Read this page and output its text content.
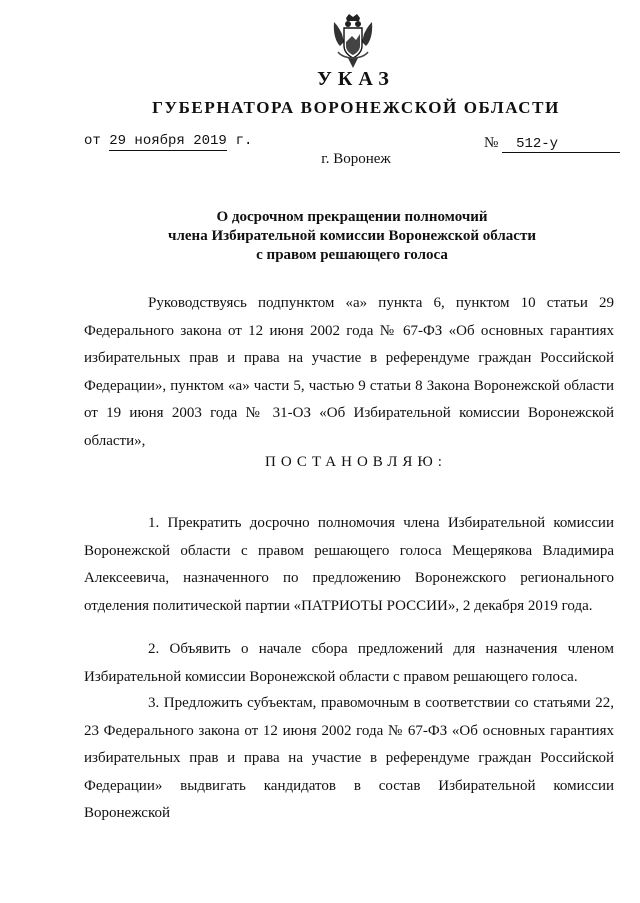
УКАЗ
ГУБЕРНАТОРА ВОРОНЕЖСКОЙ ОБЛАСТИ
от 29 ноября 2019 г.	№ 512-у
г. Воронеж
О досрочном прекращении полномочий
члена Избирательной комиссии Воронежской области
с правом решающего голоса
Руководствуясь подпунктом «а» пункта 6, пунктом 10 статьи 29 Федерального закона от 12 июня 2002 года № 67-ФЗ «Об основных гарантиях избирательных прав и права на участие в референдуме граждан Российской Федерации», пунктом «а» части 5, частью 9 статьи 8 Закона Воронежской области от 19 июня 2003 года № 31-ОЗ «Об Избирательной комиссии Воронежской области»,
ПОСТАНОВЛЯЮ:
1. Прекратить досрочно полномочия члена Избирательной комиссии Воронежской области с правом решающего голоса Мещерякова Владимира Алексеевича, назначенного по предложению Воронежского регионального отделения политической партии «ПАТРИОТЫ РОССИИ», 2 декабря 2019 года.
2. Объявить о начале сбора предложений для назначения членом Избирательной комиссии Воронежской области с правом решающего голоса.
3. Предложить субъектам, правомочным в соответствии со статьями 22, 23 Федерального закона от 12 июня 2002 года № 67-ФЗ «Об основных гарантиях избирательных прав и права на участие в референдуме граждан Российской Федерации» выдвигать кандидатов в состав Избирательной комиссии Воронежской
